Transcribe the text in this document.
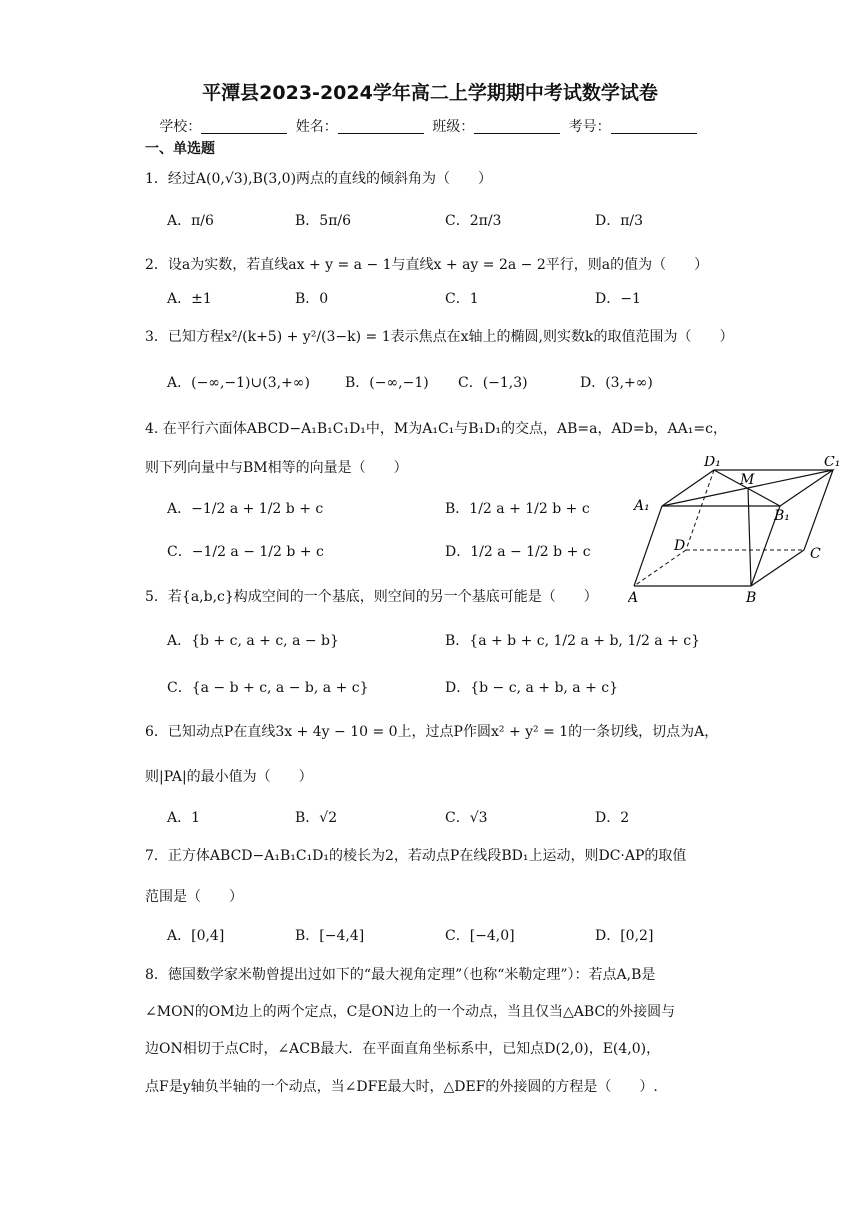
平潭县2023-2024学年高二上学期期中考试数学试卷
学校：	姓名：	班级：	考号：
一、单选题
1．经过A(0,√3),B(3,0)两点的直线的倾斜角为（　　）
A．π/6	B．5π/6	C．2π/3	D．π/3
2．设a为实数，若直线ax + y = a − 1与直线x + ay = 2a − 2平行，则a的值为（　　）
A．±1	B．0	C．1	D．−1
3．已知方程x²/(k+5) + y²/(3−k) = 1表示焦点在x轴上的椭圆,则实数k的取值范围为（　　）
A．(−∞,−1)∪(3,+∞)	B．(−∞,−1) C．(−1,3)	D．(3,+∞)
4. 在平行六面体ABCD−A₁B₁C₁D₁中，M为A₁C₁与B₁D₁的交点，AB=a，AD=b，AA₁=c，
则下列向量中与BM相等的向量是（　　）
A．−1/2 a + 1/2 b + c	B．1/2 a + 1/2 b + c
C．−1/2 a − 1/2 b + c	D．1/2 a − 1/2 b + c
D₁	C₁
A₁
M
B₁
D	C
A	B
5．若{a,b,c}构成空间的一个基底，则空间的另一个基底可能是（　　）
A．{b + c, a + c, a − b}	B．{a + b + c, 1/2 a + b, 1/2 a + c}
C．{a − b + c, a − b, a + c}	D．{b − c, a + b, a + c}
6．已知动点P在直线3x + 4y − 10 = 0上，过点P作圆x² + y² = 1的一条切线，切点为A，
则|PA|的最小值为（　　）
A．1	B．√2	C．√3	D．2
7．正方体ABCD−A₁B₁C₁D₁的棱长为2，若动点P在线段BD₁上运动，则DC·AP的取值
范围是（　　）
A．[0,4]	B．[−4,4]	C．[−4,0]	D．[0,2]
8．德国数学家米勒曾提出过如下的“最大视角定理”（也称“米勒定理”）：若点A,B是
∠MON的OM边上的两个定点，C是ON边上的一个动点，当且仅当△ABC的外接圆与
边ON相切于点C时，∠ACB最大．在平面直角坐标系中，已知点D(2,0)，E(4,0)，
点F是y轴负半轴的一个动点，当∠DFE最大时，△DEF的外接圆的方程是（　　）.
